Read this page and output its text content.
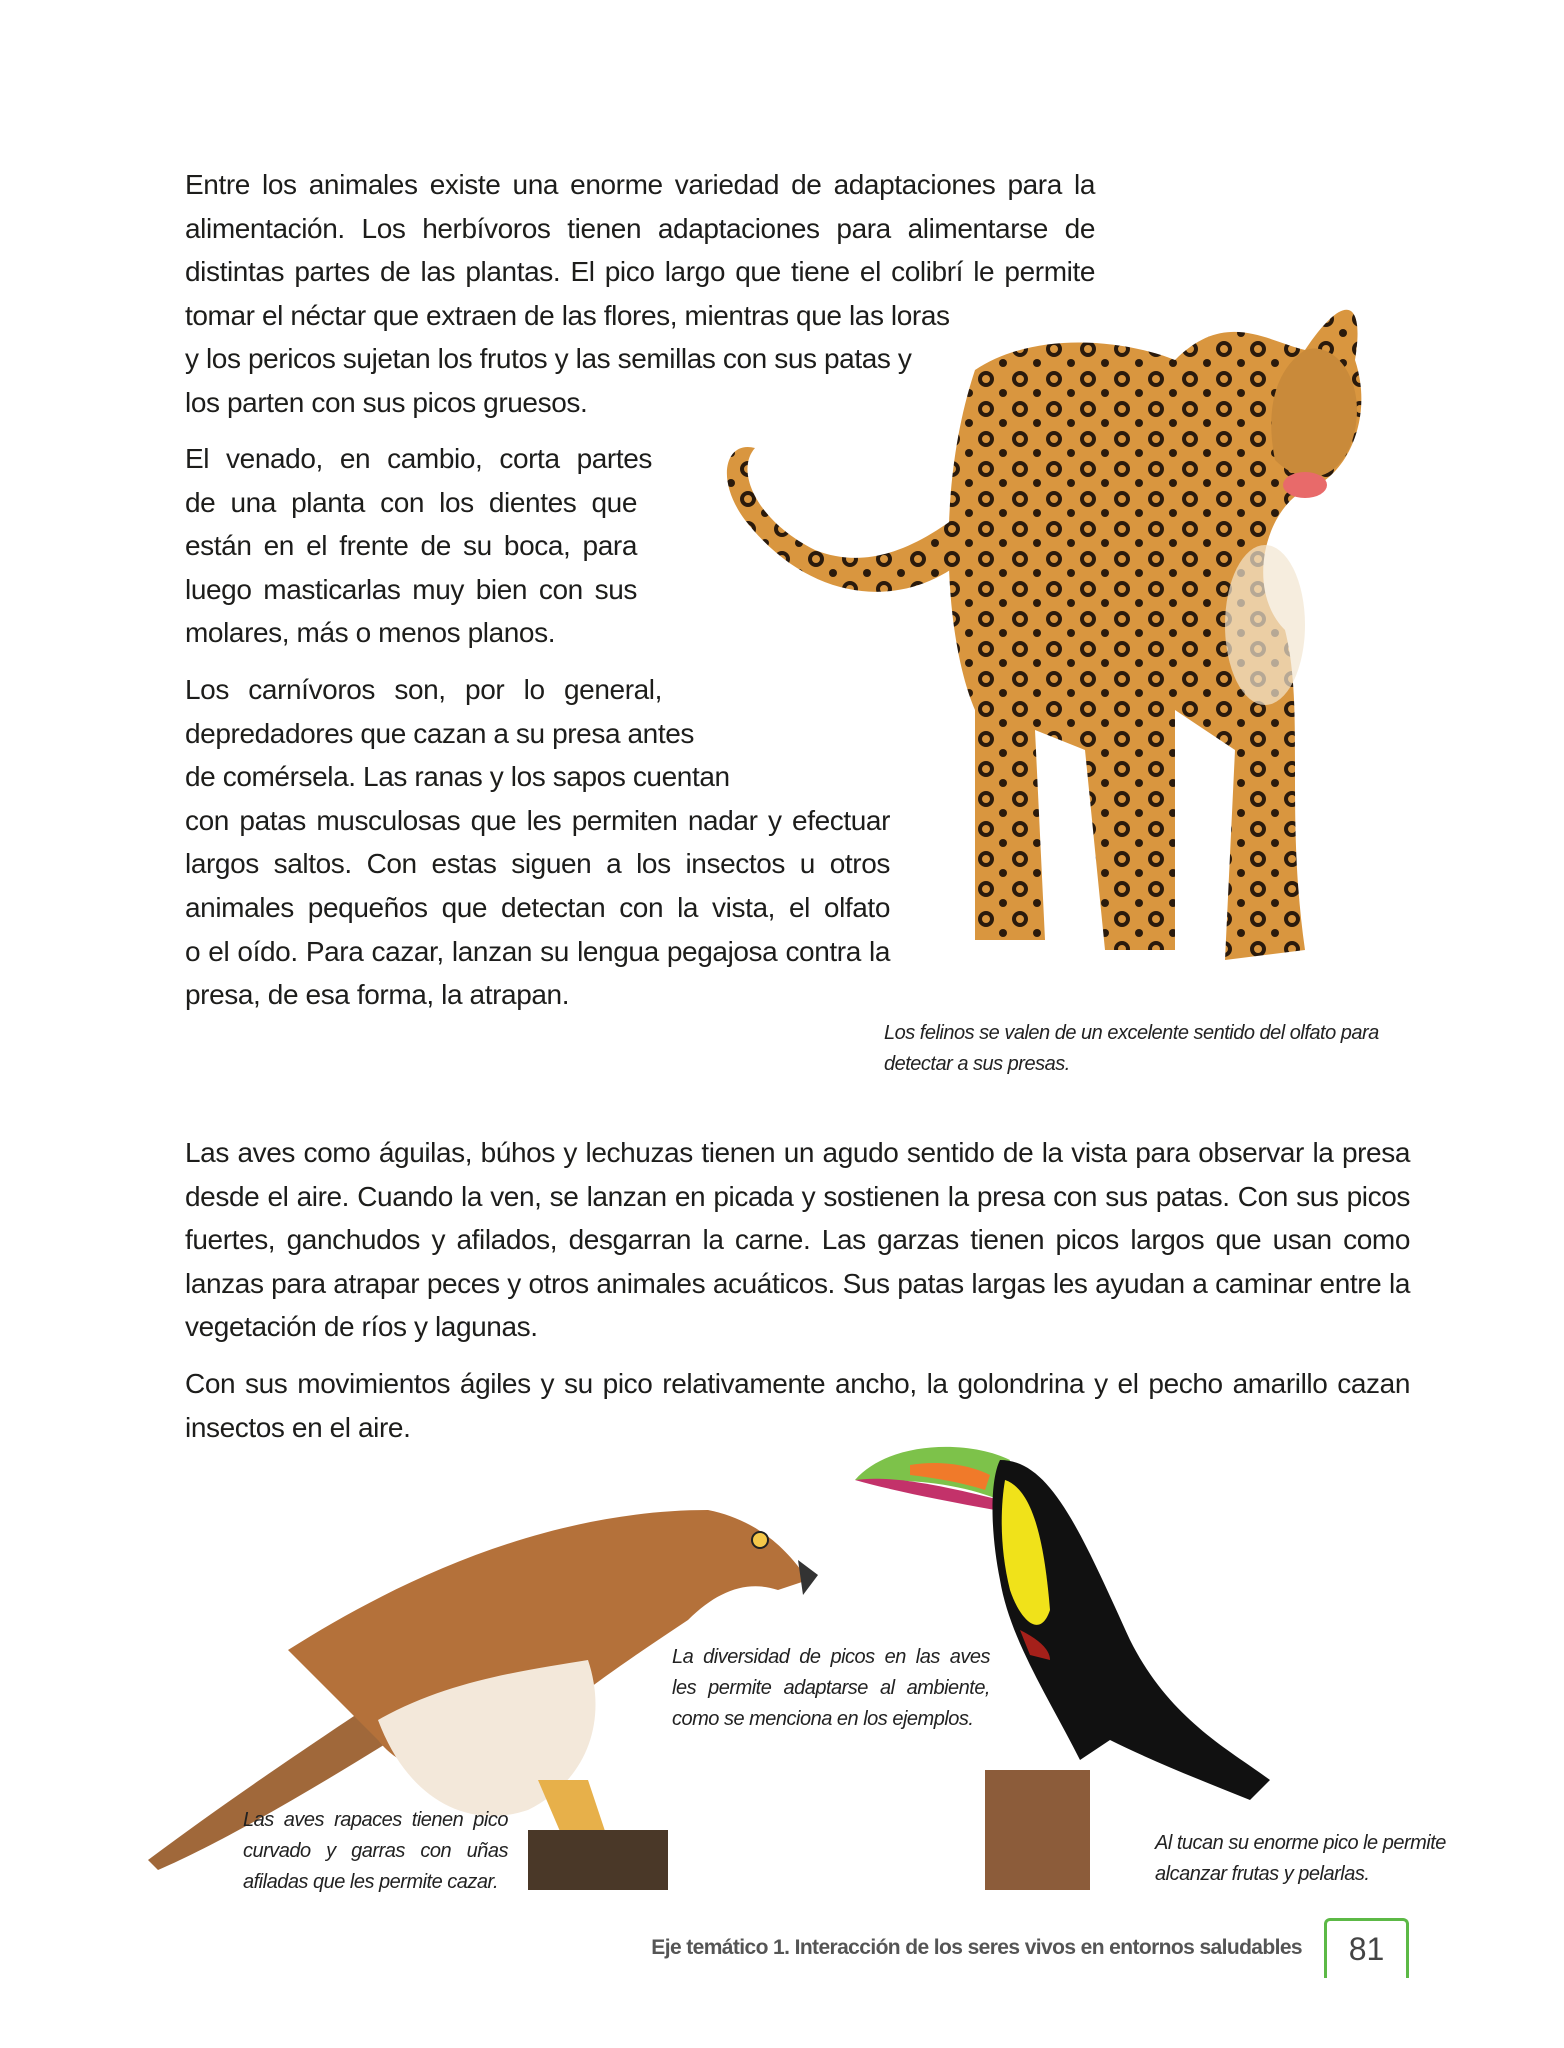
Entre los animales existe una enorme variedad de adaptaciones para la
alimentación. Los herbívoros tienen adaptaciones para alimentarse de
distintas partes de las plantas. El pico largo que tiene el colibrí le permite
tomar el néctar que extraen de las flores, mientras que las loras
y los pericos sujetan los frutos y las semillas con sus patas y
los parten con sus picos gruesos.
El venado, en cambio, corta partes
de una planta con los dientes que
están en el frente de su boca, para
luego masticarlas muy bien con sus
molares, más o menos planos.
Los carnívoros son, por lo general,
depredadores que cazan a su presa antes
de comérsela. Las ranas y los sapos cuentan
con patas musculosas que les permiten nadar y efectuar
largos saltos. Con estas siguen a los insectos u otros
animales pequeños que detectan con la vista, el olfato
o el oído. Para cazar, lanzan su lengua pegajosa contra la
presa, de esa forma, la atrapan.
Los felinos se valen de un excelente sentido del olfato para
detectar a sus presas.
Las aves como águilas, búhos y lechuzas tienen un agudo sentido de la vista para observar la presa
desde el aire. Cuando la ven, se lanzan en picada y sostienen la presa con sus patas. Con sus picos
fuertes, ganchudos y afilados, desgarran la carne. Las garzas tienen picos largos que usan como
lanzas para atrapar peces y otros animales acuáticos. Sus patas largas les ayudan a caminar entre la
vegetación de ríos y lagunas.
Con sus movimientos ágiles y su pico relativamente ancho, la golondrina y el pecho amarillo cazan
insectos en el aire.
La diversidad de picos en las aves
les permite adaptarse al ambiente,
como se menciona en los ejemplos.
Las aves rapaces tienen pico
curvado y garras con uñas
afiladas que les permite cazar.
Al tucan su enorme pico le permite
alcanzar frutas y pelarlas.
Eje temático 1. Interacción de los seres vivos en entornos saludables	81
